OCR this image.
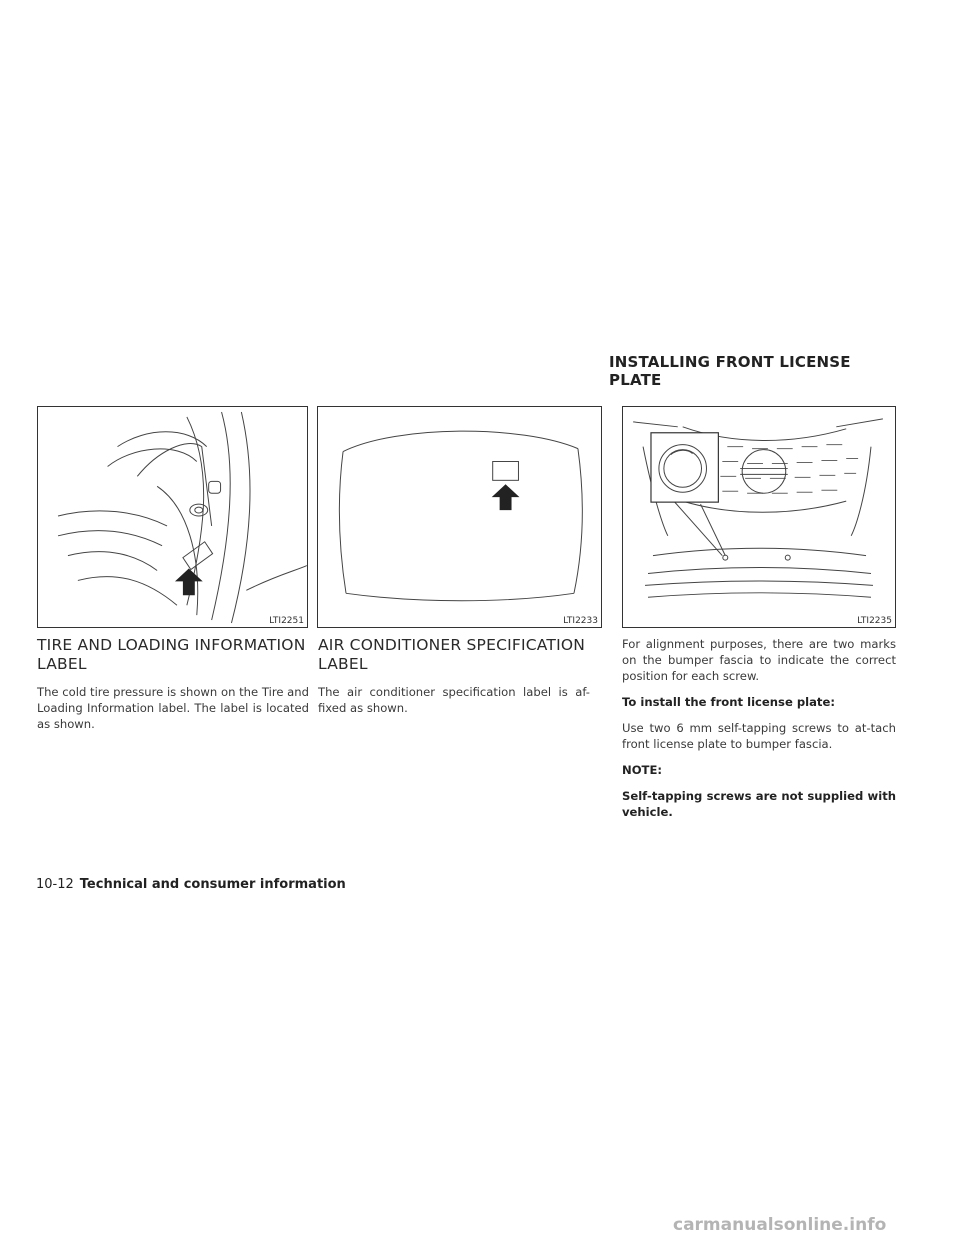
INSTALLING FRONT LICENSE PLATE
LTI2251	LTI2233	LTI2235
TIRE AND LOADING INFORMATION LABEL

The cold tire pressure is shown on the Tire and Loading Information label. The label is located as shown.

AIR CONDITIONER SPECIFICATION LABEL

The air conditioner specification label is af-fixed as shown.

For alignment purposes, there are two marks on the bumper fascia to indicate the correct position for each screw.

To install the front license plate:

Use two 6 mm self-tapping screws to at-tach front license plate to bumper fascia.

NOTE:

Self-tapping screws are not supplied with vehicle.

10-12 Technical and consumer information
carmanualsonline.info
